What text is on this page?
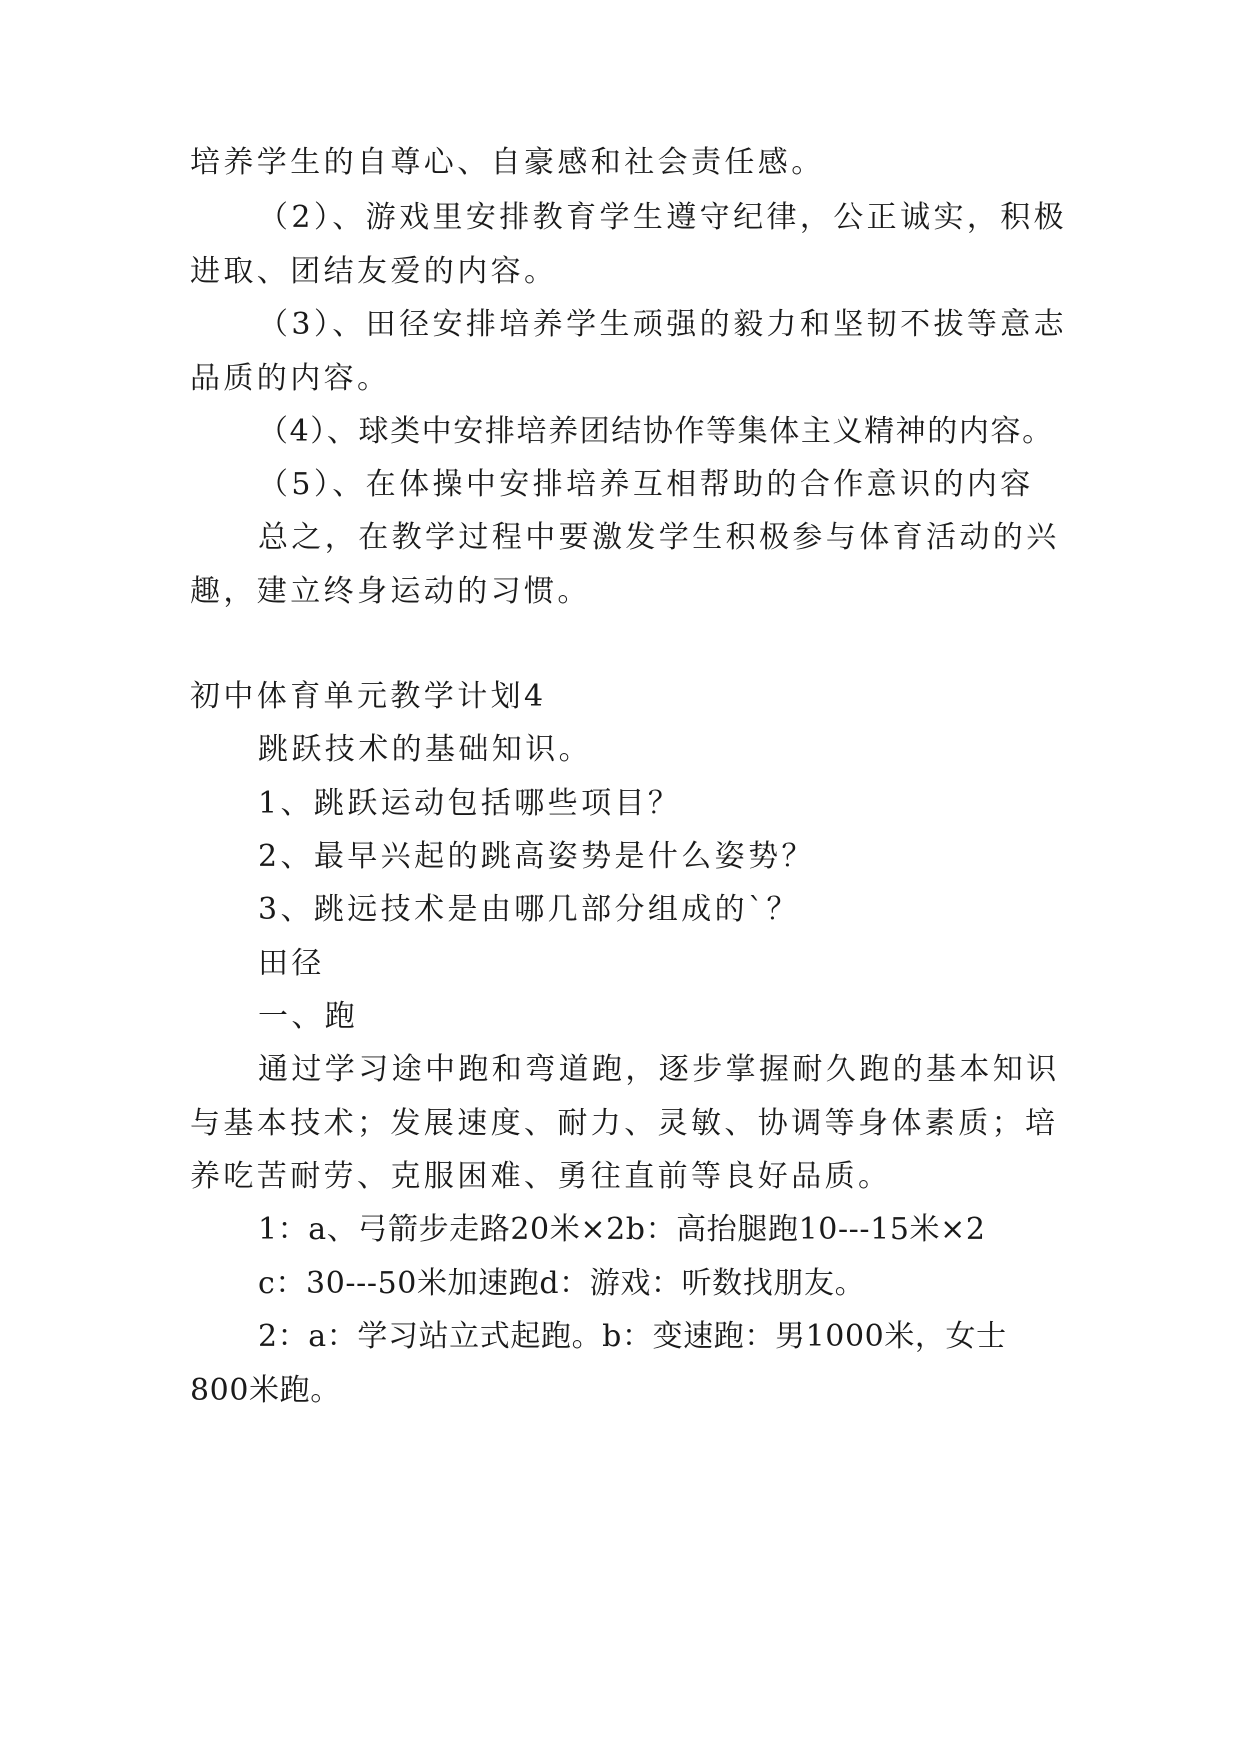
培养学生的自尊心、自豪感和社会责任感。
（2）、游戏里安排教育学生遵守纪律，公正诚实，积极
进取、团结友爱的内容。
（3）、田径安排培养学生顽强的毅力和坚韧不拔等意志
品质的内容。
（4）、球类中安排培养团结协作等集体主义精神的内容。
（5）、在体操中安排培养互相帮助的合作意识的内容
总之，在教学过程中要激发学生积极参与体育活动的兴
趣，建立终身运动的习惯。
初中体育单元教学计划4
跳跃技术的基础知识。
1、跳跃运动包括哪些项目？
2、最早兴起的跳高姿势是什么姿势？
3、跳远技术是由哪几部分组成的`？
田径
一、跑
通过学习途中跑和弯道跑，逐步掌握耐久跑的基本知识
与基本技术；发展速度、耐力、灵敏、协调等身体素质；培
养吃苦耐劳、克服困难、勇往直前等良好品质。
1：a、弓箭步走路20米×2b：高抬腿跑10---15米×2
c：30---50米加速跑d：游戏：听数找朋友。
2：a：学习站立式起跑。b：变速跑：男1000米，女士
800米跑。
